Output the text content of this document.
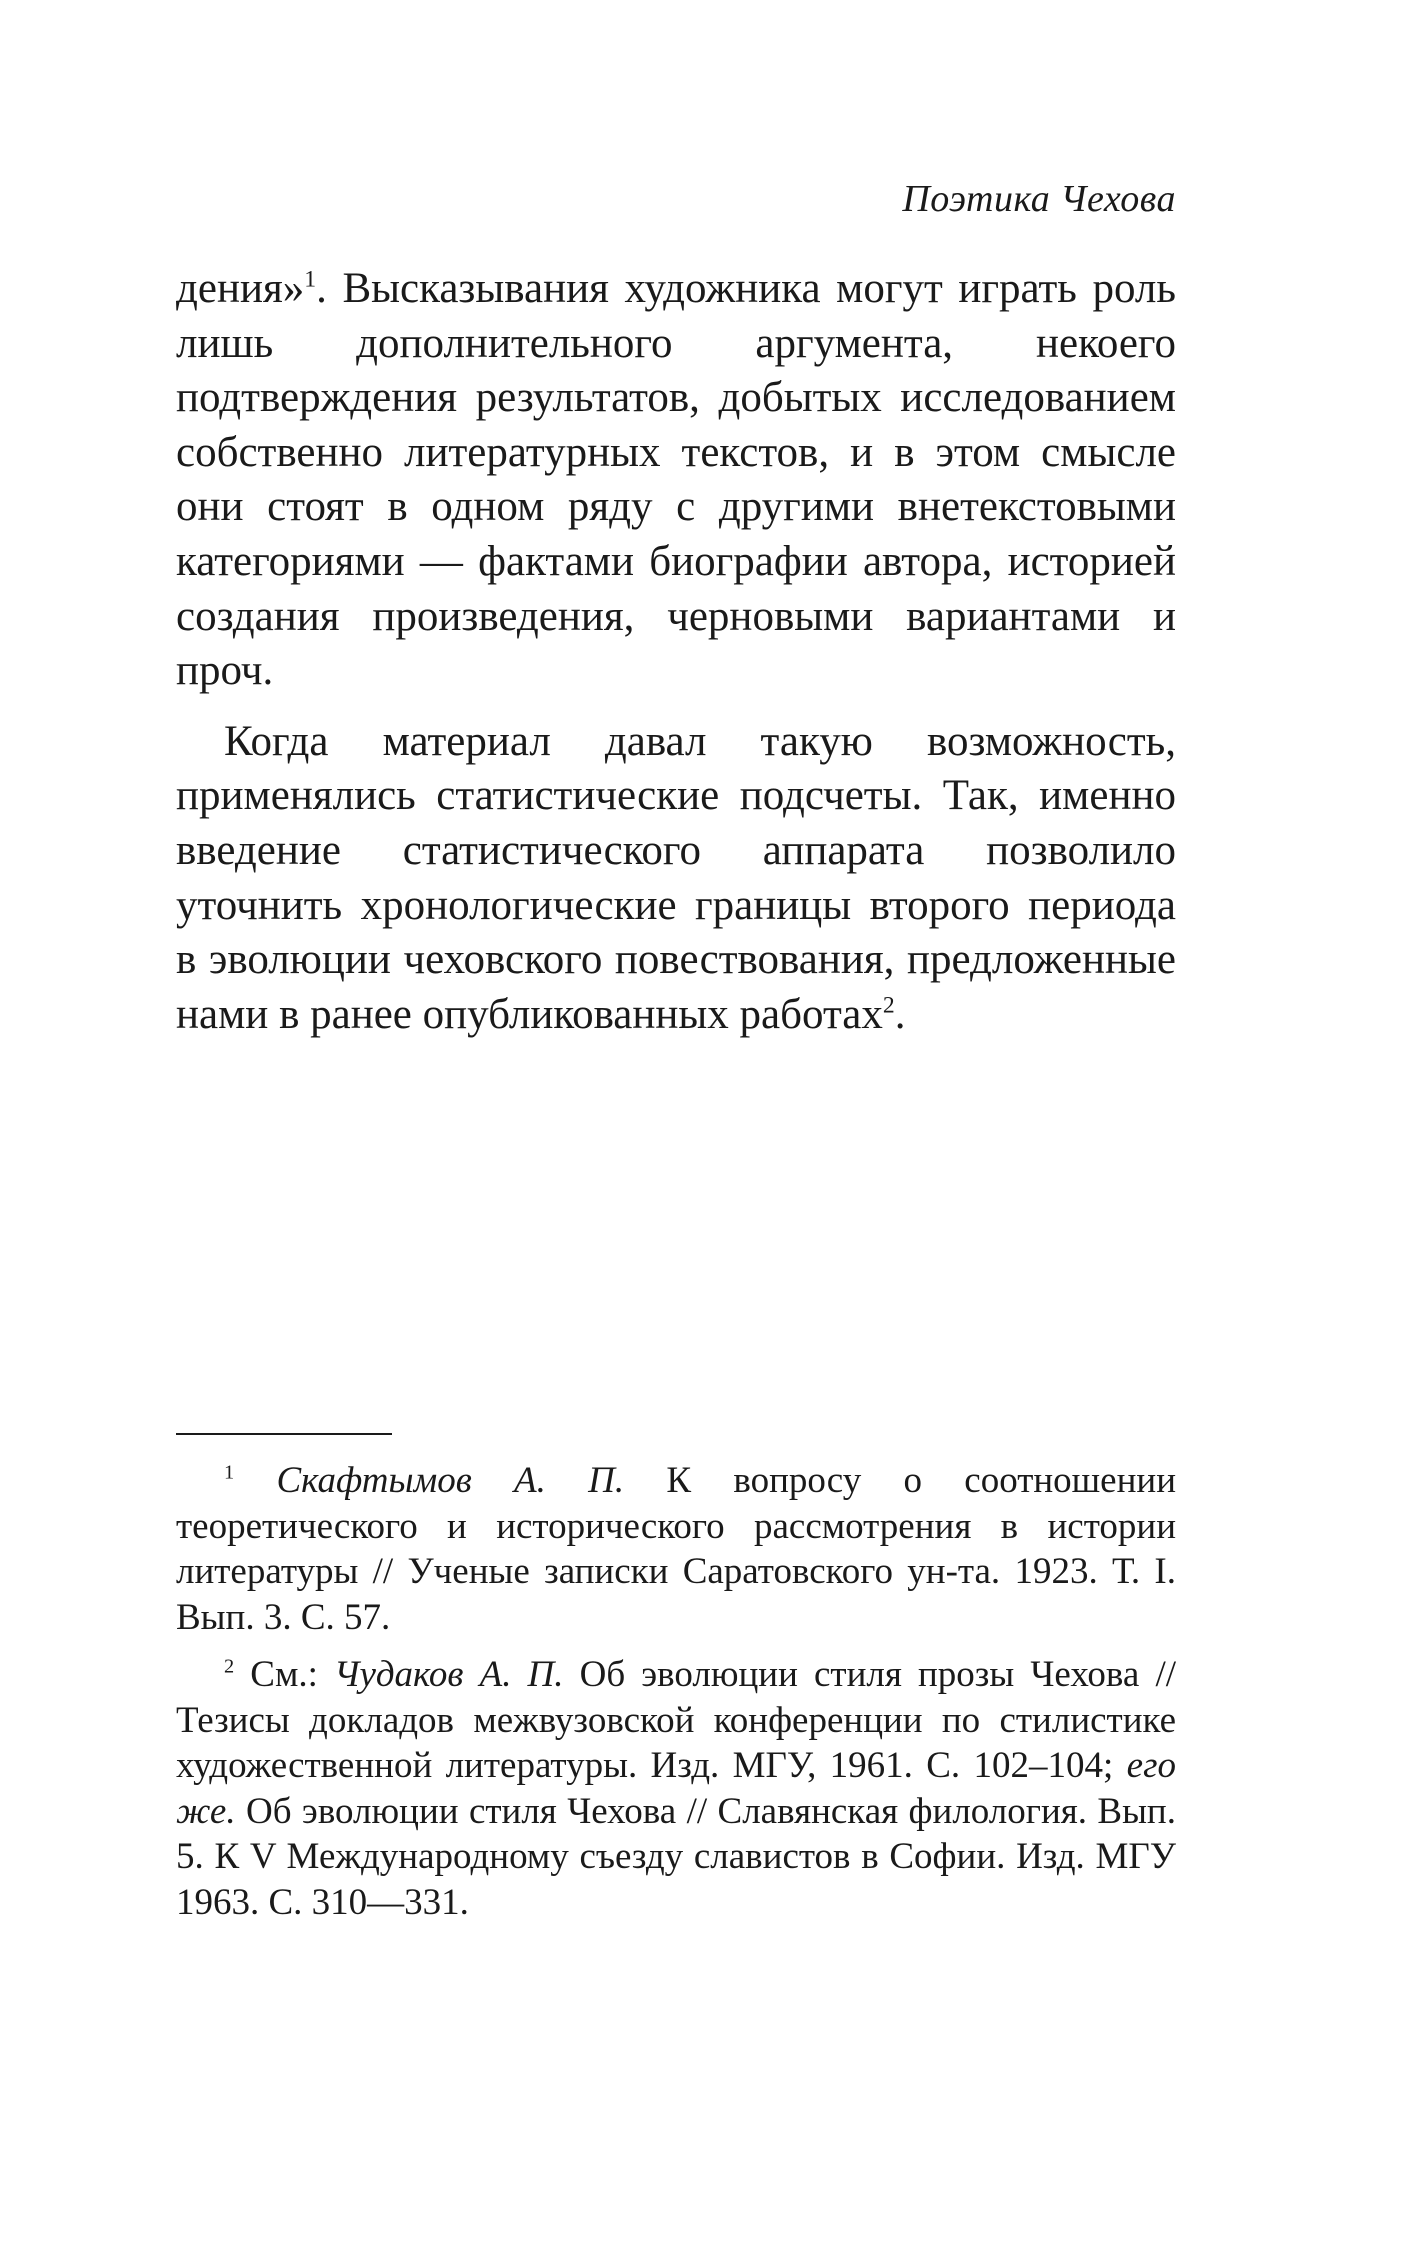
Поэтика Чехова

дения»$^1$. Высказывания художника могут играть роль лишь дополнительного аргумента, некоего подтверждения результатов, добытых исследованием собственно литературных текстов, и в этом смысле они стоят в одном ряду с другими внетекстовыми категориями — фактами биографии автора, историей создания произведения, черновыми вариантами и проч.

Когда материал давал такую возможность, применялись статистические подсчеты. Так, именно введение статистического аппарата позволило уточнить хронологические границы второго периода в эволюции чеховского повествования, предложенные нами в ранее опубликованных работах$^2$.

$^1$ Скафтымов А. П. К вопросу о соотношении теоретического и исторического рассмотрения в истории литературы // Ученые записки Саратовского ун-та. 1923. Т. I. Вып. 3. С. 57.

$^2$ См.: Чудаков А. П. Об эволюции стиля прозы Чехова // Тезисы докладов межвузовской конференции по стилистике художественной литературы. Изд. МГУ, 1961. С. 102–104; его же. Об эволюции стиля Чехова // Славянская филология. Вып. 5. К V Международному съезду славистов в Софии. Изд. МГУ 1963. С. 310—331.
